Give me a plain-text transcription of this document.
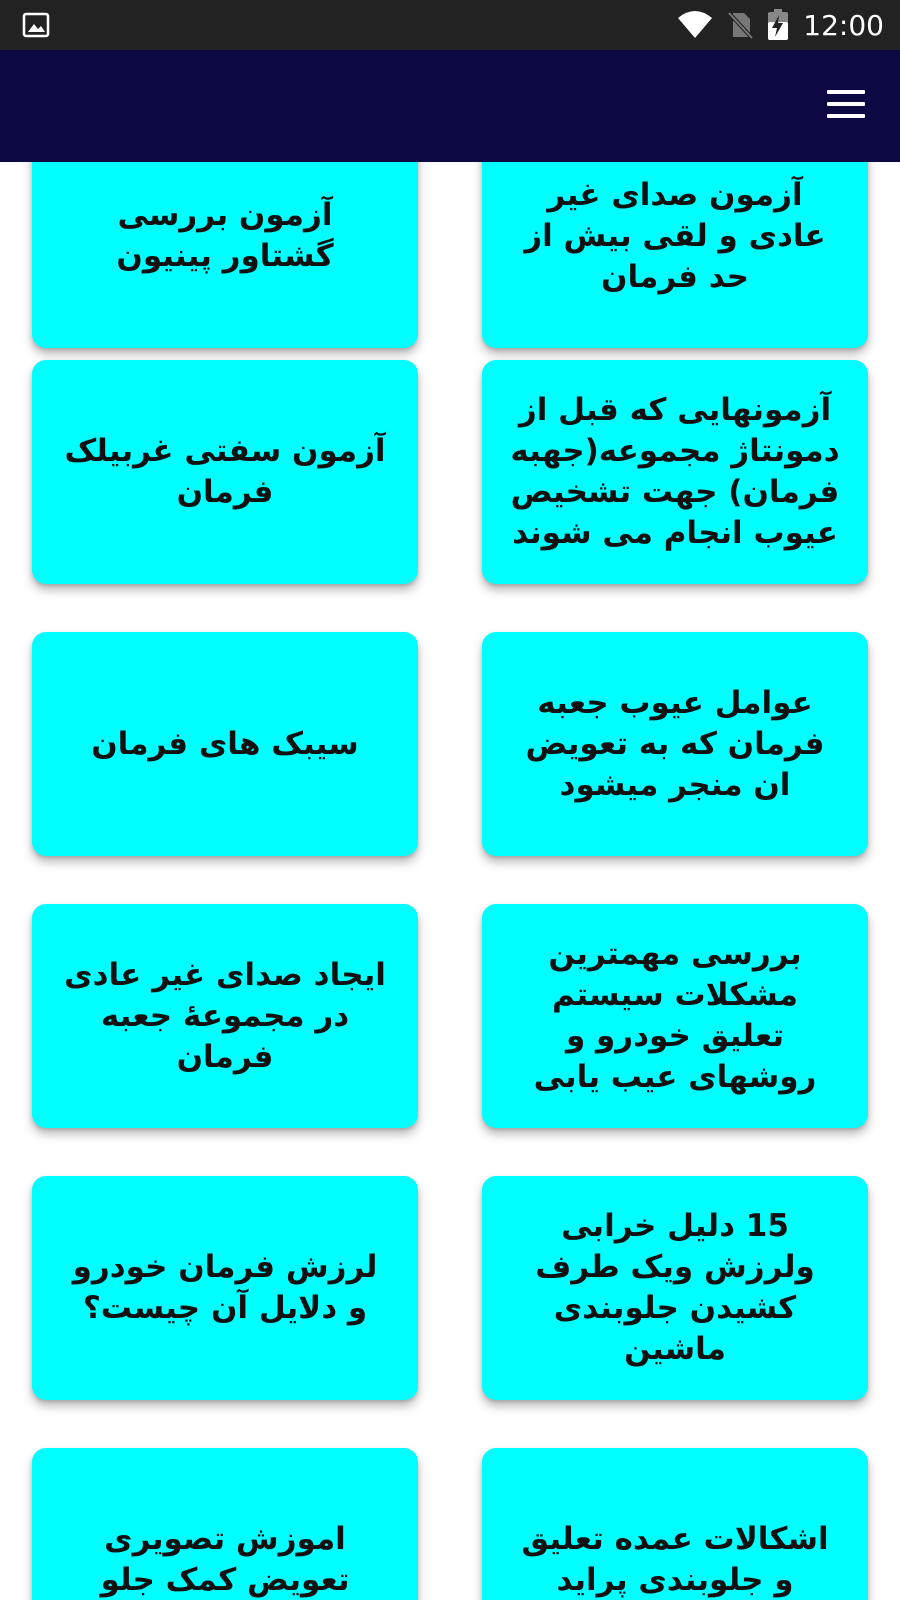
12:00
آزمون صدای غیر عادی و لقی بیش از حد فرمان
آزمون بررسی گشتاور پینیون
آزمونهایی که قبل از دمونتاژ مجموعه(جهبه فرمان) جهت تشخیص عیوب انجام می شوند
آزمون سفتی غربیلک فرمان
عوامل عیوب جعبه فرمان که به تعویض ان منجر میشود
سیبک های فرمان
بررسی مهمترین مشکلات سیستم تعلیق خودرو و روشهای عیب یابی
ایجاد صدای غیر عادی در مجموعۀ جعبه فرمان
15 دلیل خرابی ولرزش ویک طرف کشیدن جلوبندی ماشین
لرزش فرمان خودرو و دلایل آن چیست؟
اشکالات عمده تعلیق و جلوبندی پراید
اموزش تصویری تعویض کمک جلو
